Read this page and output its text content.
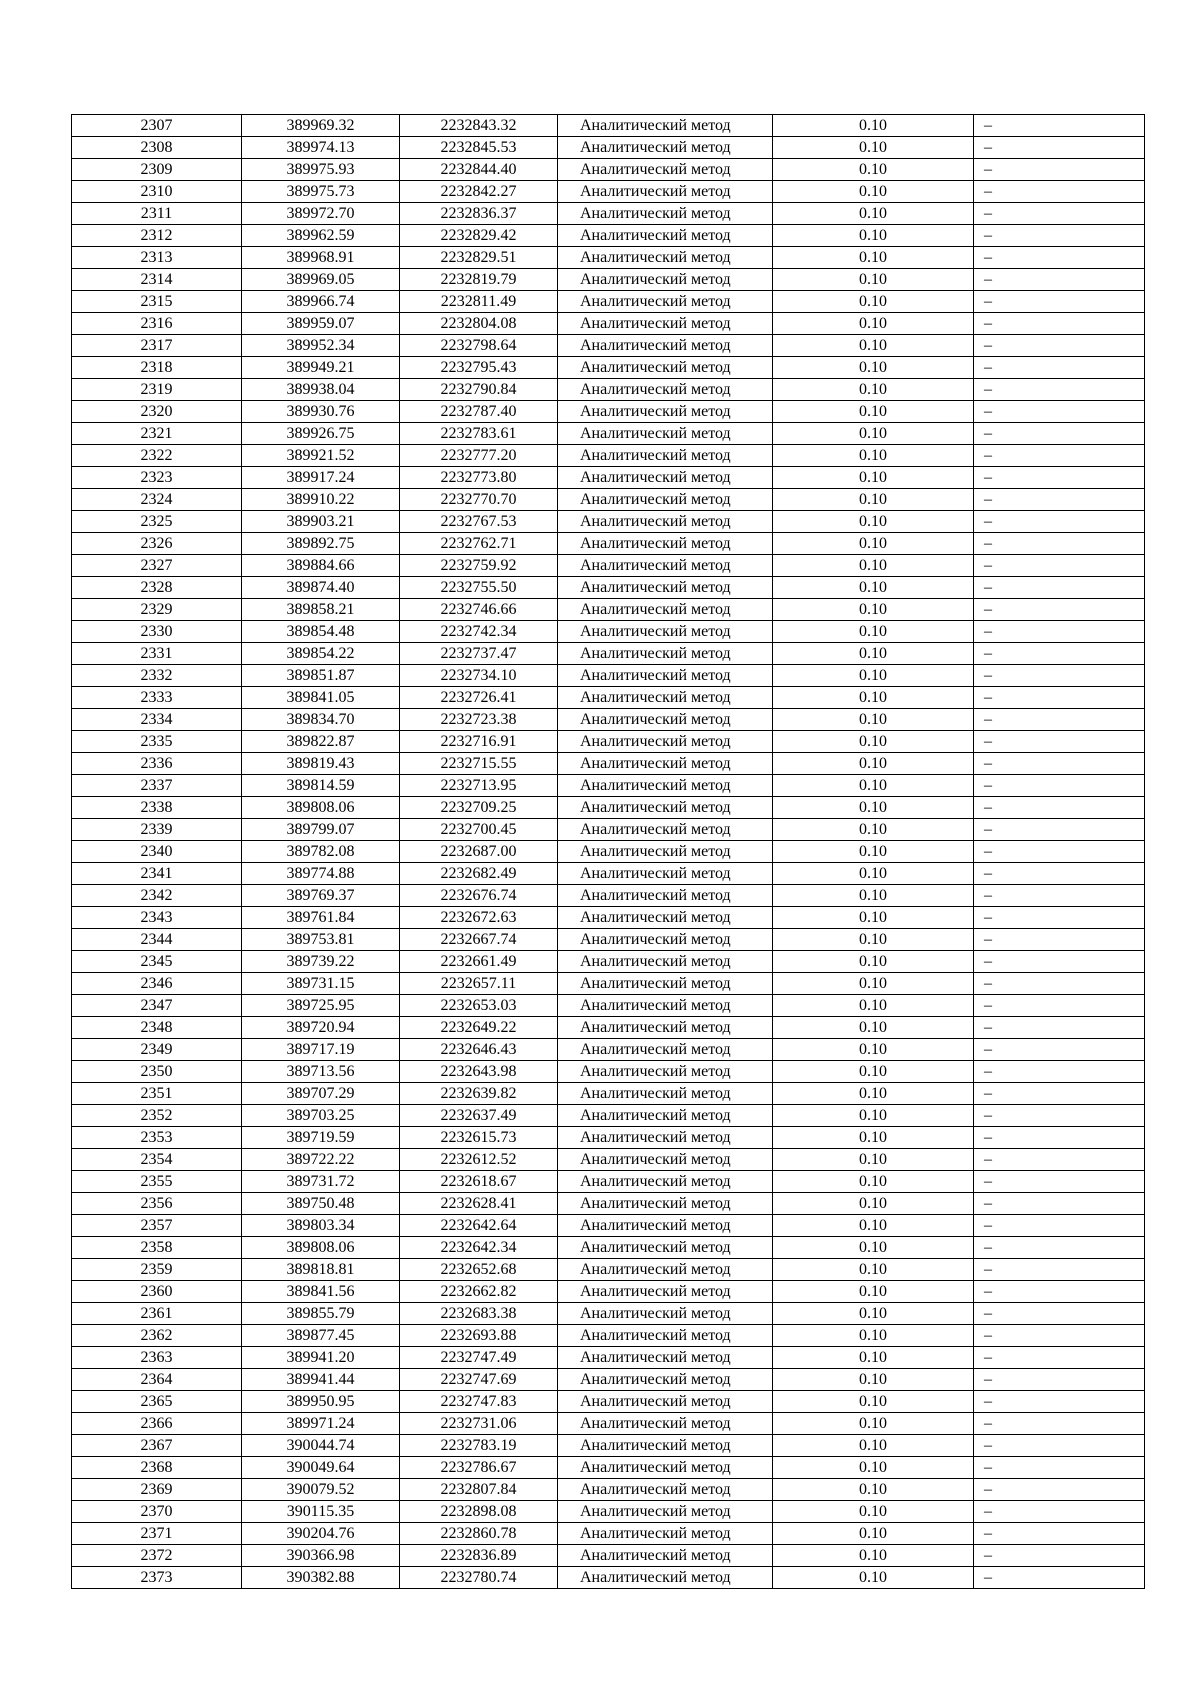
2307	389969.32	2232843.32	Аналитический метод	0.10	–
2308	389974.13	2232845.53	Аналитический метод	0.10	–
2309	389975.93	2232844.40	Аналитический метод	0.10	–
2310	389975.73	2232842.27	Аналитический метод	0.10	–
2311	389972.70	2232836.37	Аналитический метод	0.10	–
2312	389962.59	2232829.42	Аналитический метод	0.10	–
2313	389968.91	2232829.51	Аналитический метод	0.10	–
2314	389969.05	2232819.79	Аналитический метод	0.10	–
2315	389966.74	2232811.49	Аналитический метод	0.10	–
2316	389959.07	2232804.08	Аналитический метод	0.10	–
2317	389952.34	2232798.64	Аналитический метод	0.10	–
2318	389949.21	2232795.43	Аналитический метод	0.10	–
2319	389938.04	2232790.84	Аналитический метод	0.10	–
2320	389930.76	2232787.40	Аналитический метод	0.10	–
2321	389926.75	2232783.61	Аналитический метод	0.10	–
2322	389921.52	2232777.20	Аналитический метод	0.10	–
2323	389917.24	2232773.80	Аналитический метод	0.10	–
2324	389910.22	2232770.70	Аналитический метод	0.10	–
2325	389903.21	2232767.53	Аналитический метод	0.10	–
2326	389892.75	2232762.71	Аналитический метод	0.10	–
2327	389884.66	2232759.92	Аналитический метод	0.10	–
2328	389874.40	2232755.50	Аналитический метод	0.10	–
2329	389858.21	2232746.66	Аналитический метод	0.10	–
2330	389854.48	2232742.34	Аналитический метод	0.10	–
2331	389854.22	2232737.47	Аналитический метод	0.10	–
2332	389851.87	2232734.10	Аналитический метод	0.10	–
2333	389841.05	2232726.41	Аналитический метод	0.10	–
2334	389834.70	2232723.38	Аналитический метод	0.10	–
2335	389822.87	2232716.91	Аналитический метод	0.10	–
2336	389819.43	2232715.55	Аналитический метод	0.10	–
2337	389814.59	2232713.95	Аналитический метод	0.10	–
2338	389808.06	2232709.25	Аналитический метод	0.10	–
2339	389799.07	2232700.45	Аналитический метод	0.10	–
2340	389782.08	2232687.00	Аналитический метод	0.10	–
2341	389774.88	2232682.49	Аналитический метод	0.10	–
2342	389769.37	2232676.74	Аналитический метод	0.10	–
2343	389761.84	2232672.63	Аналитический метод	0.10	–
2344	389753.81	2232667.74	Аналитический метод	0.10	–
2345	389739.22	2232661.49	Аналитический метод	0.10	–
2346	389731.15	2232657.11	Аналитический метод	0.10	–
2347	389725.95	2232653.03	Аналитический метод	0.10	–
2348	389720.94	2232649.22	Аналитический метод	0.10	–
2349	389717.19	2232646.43	Аналитический метод	0.10	–
2350	389713.56	2232643.98	Аналитический метод	0.10	–
2351	389707.29	2232639.82	Аналитический метод	0.10	–
2352	389703.25	2232637.49	Аналитический метод	0.10	–
2353	389719.59	2232615.73	Аналитический метод	0.10	–
2354	389722.22	2232612.52	Аналитический метод	0.10	–
2355	389731.72	2232618.67	Аналитический метод	0.10	–
2356	389750.48	2232628.41	Аналитический метод	0.10	–
2357	389803.34	2232642.64	Аналитический метод	0.10	–
2358	389808.06	2232642.34	Аналитический метод	0.10	–
2359	389818.81	2232652.68	Аналитический метод	0.10	–
2360	389841.56	2232662.82	Аналитический метод	0.10	–
2361	389855.79	2232683.38	Аналитический метод	0.10	–
2362	389877.45	2232693.88	Аналитический метод	0.10	–
2363	389941.20	2232747.49	Аналитический метод	0.10	–
2364	389941.44	2232747.69	Аналитический метод	0.10	–
2365	389950.95	2232747.83	Аналитический метод	0.10	–
2366	389971.24	2232731.06	Аналитический метод	0.10	–
2367	390044.74	2232783.19	Аналитический метод	0.10	–
2368	390049.64	2232786.67	Аналитический метод	0.10	–
2369	390079.52	2232807.84	Аналитический метод	0.10	–
2370	390115.35	2232898.08	Аналитический метод	0.10	–
2371	390204.76	2232860.78	Аналитический метод	0.10	–
2372	390366.98	2232836.89	Аналитический метод	0.10	–
2373	390382.88	2232780.74	Аналитический метод	0.10	–
